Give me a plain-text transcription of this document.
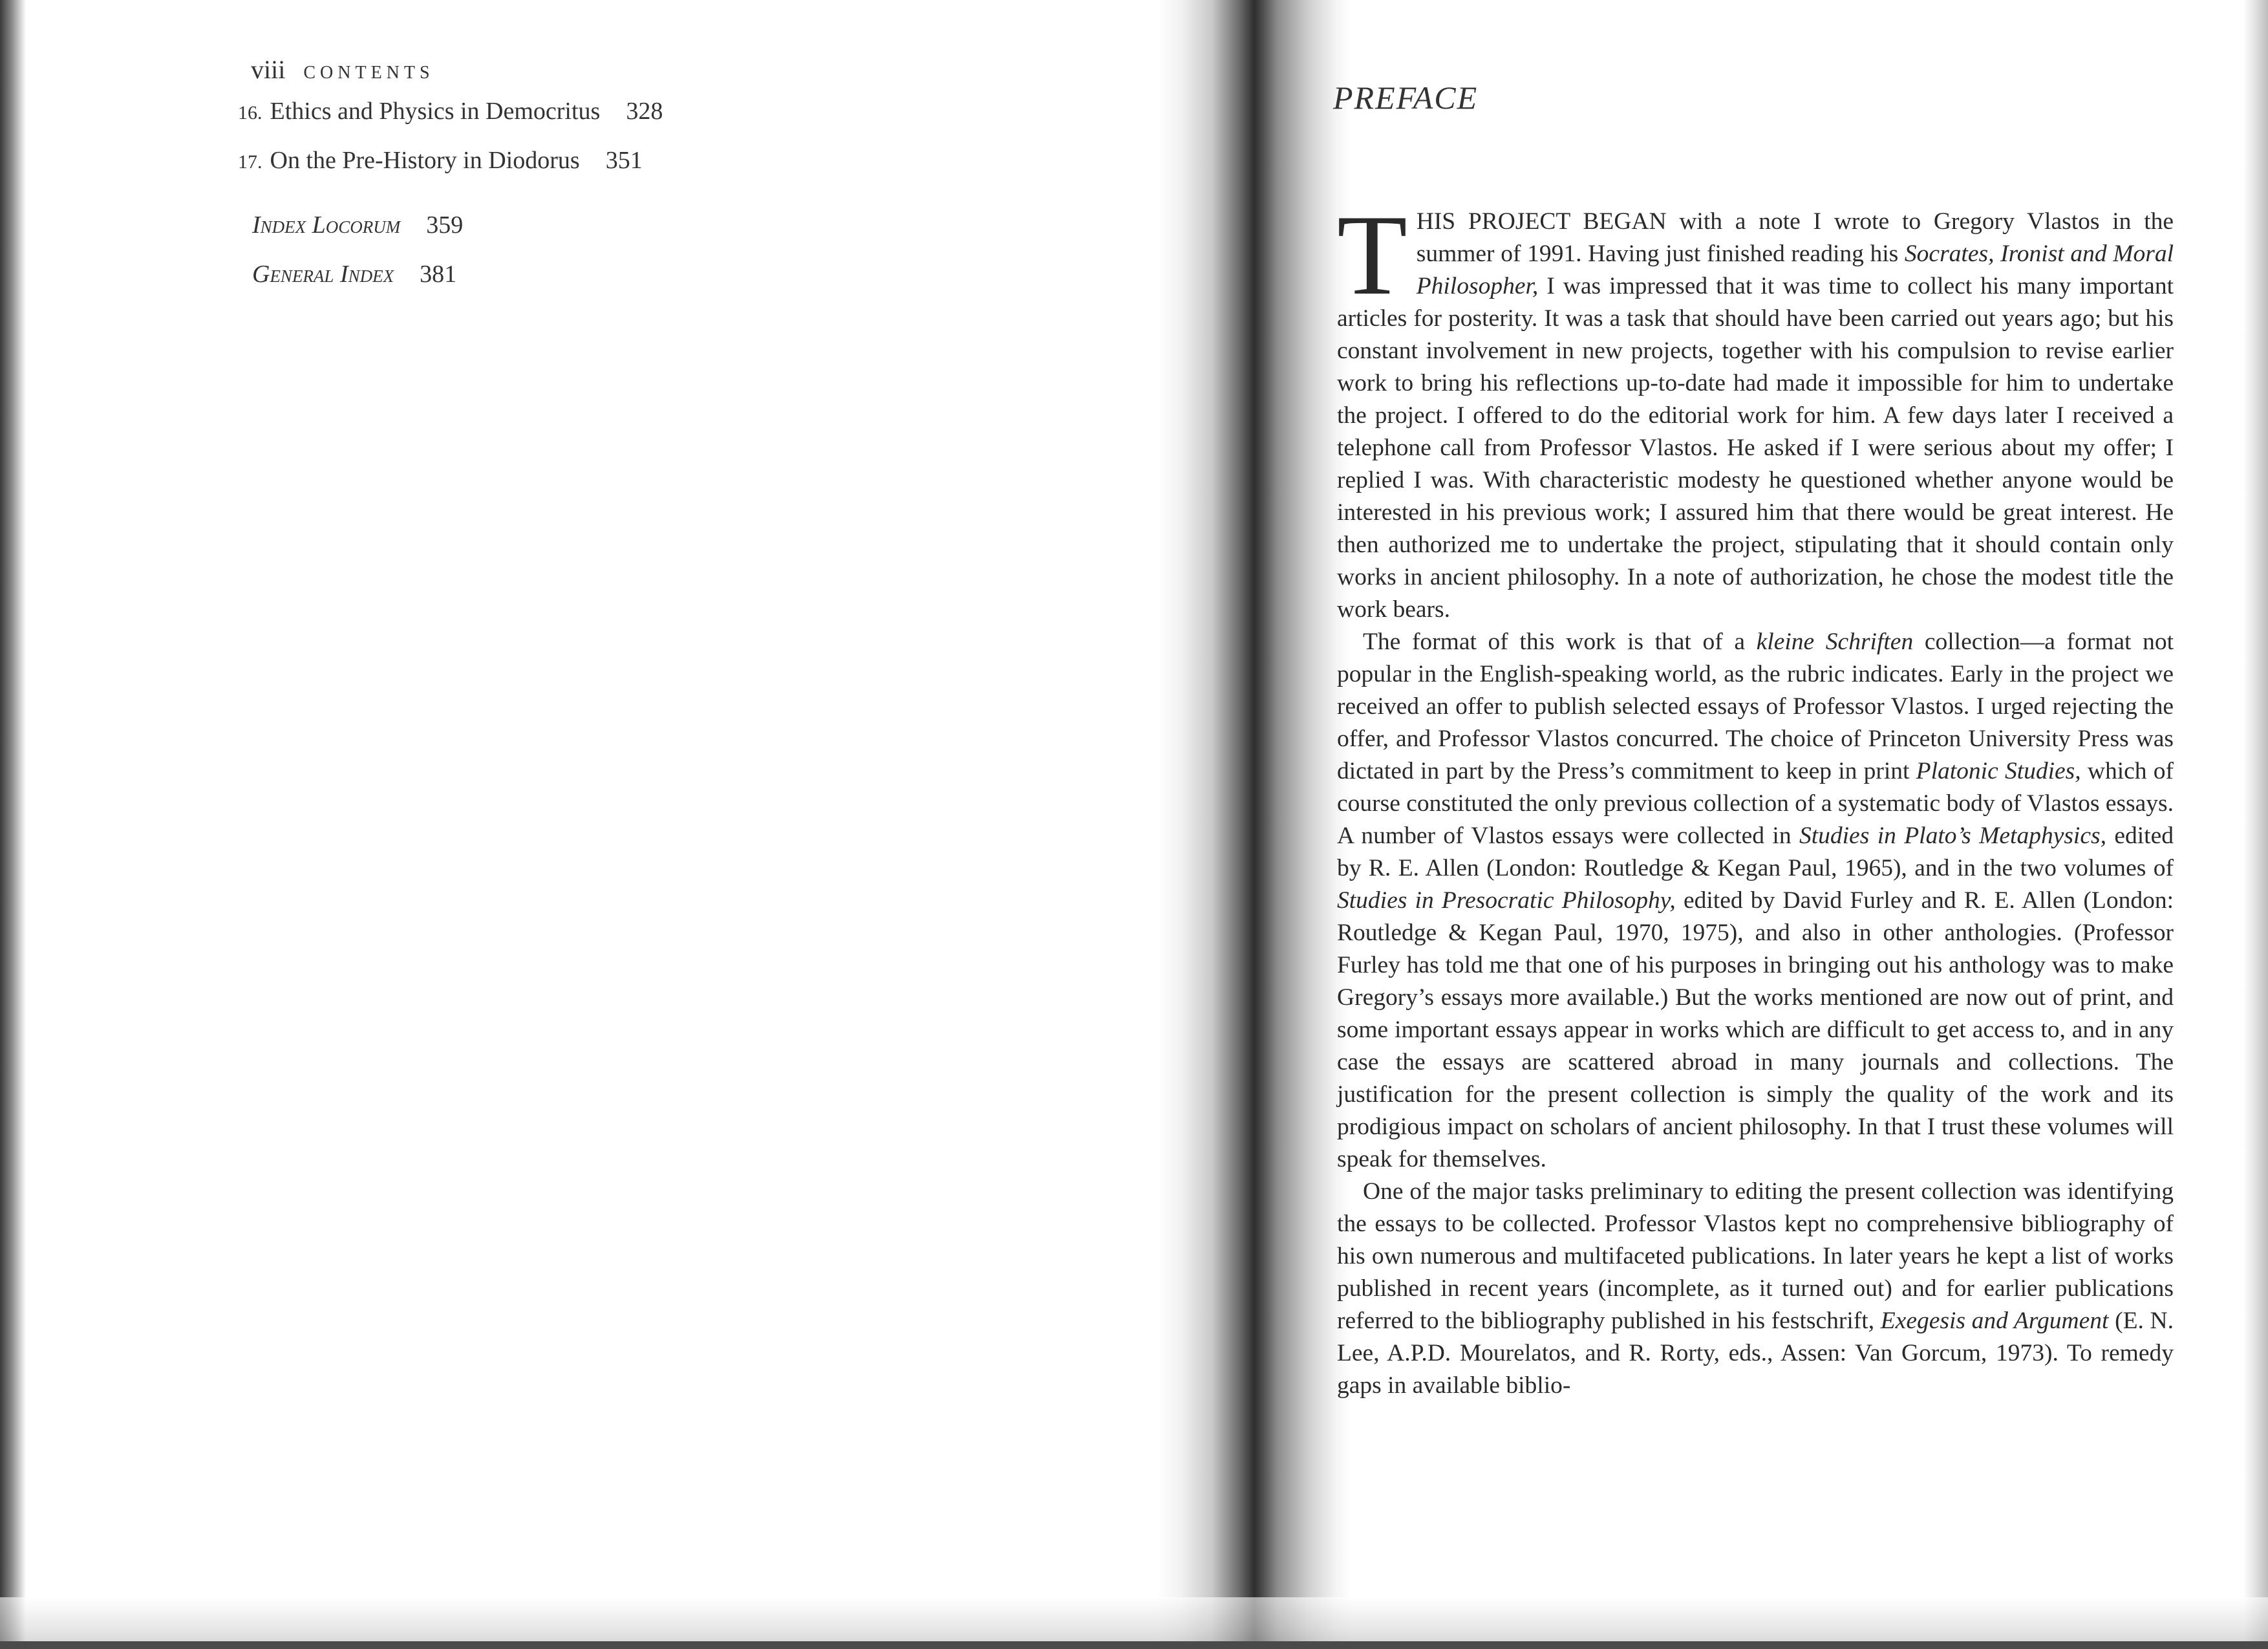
viii CONTENTS
16. Ethics and Physics in Democritus 328
17. On the Pre-History in Diodorus 351
Index Locorum 359
General Index 381
PREFACE

THIS PROJECT BEGAN with a note I wrote to Gregory Vlastos in the summer of 1991. Having just finished reading his Socrates, Ironist and Moral Philosopher, I was impressed that it was time to collect his many important articles for posterity. It was a task that should have been carried out years ago; but his constant involvement in new projects, together with his compulsion to revise earlier work to bring his reflections up-to-date had made it impossible for him to undertake the project. I offered to do the editorial work for him. A few days later I received a telephone call from Professor Vlastos. He asked if I were serious about my offer; I replied I was. With characteristic modesty he questioned whether anyone would be interested in his previous work; I assured him that there would be great interest. He then authorized me to undertake the project, stipulating that it should contain only works in ancient philosophy. In a note of authorization, he chose the modest title the work bears.

The format of this work is that of a kleine Schriften collection—a format not popular in the English-speaking world, as the rubric indicates. Early in the project we received an offer to publish selected essays of Professor Vlastos. I urged rejecting the offer, and Professor Vlastos concurred. The choice of Princeton University Press was dictated in part by the Press’s commitment to keep in print Platonic Studies, which of course constituted the only previous collection of a systematic body of Vlastos essays. A number of Vlastos essays were collected in Studies in Plato’s Metaphysics, edited by R. E. Allen (London: Routledge & Kegan Paul, 1965), and in the two volumes of Studies in Presocratic Philosophy, edited by David Furley and R. E. Allen (London: Routledge & Kegan Paul, 1970, 1975), and also in other anthologies. (Professor Furley has told me that one of his purposes in bringing out his anthology was to make Gregory’s essays more available.) But the works mentioned are now out of print, and some important essays appear in works which are difficult to get access to, and in any case the essays are scattered abroad in many journals and collections. The justification for the present collection is simply the quality of the work and its prodigious impact on scholars of ancient philosophy. In that I trust these volumes will speak for themselves.

One of the major tasks preliminary to editing the present collection was identifying the essays to be collected. Professor Vlastos kept no comprehensive bibliography of his own numerous and multifaceted publications. In later years he kept a list of works published in recent years (incomplete, as it turned out) and for earlier publications referred to the bibliography published in his festschrift, Exegesis and Argument (E. N. Lee, A.P.D. Mourelatos, and R. Rorty, eds., Assen: Van Gorcum, 1973). To remedy gaps in available biblio-
